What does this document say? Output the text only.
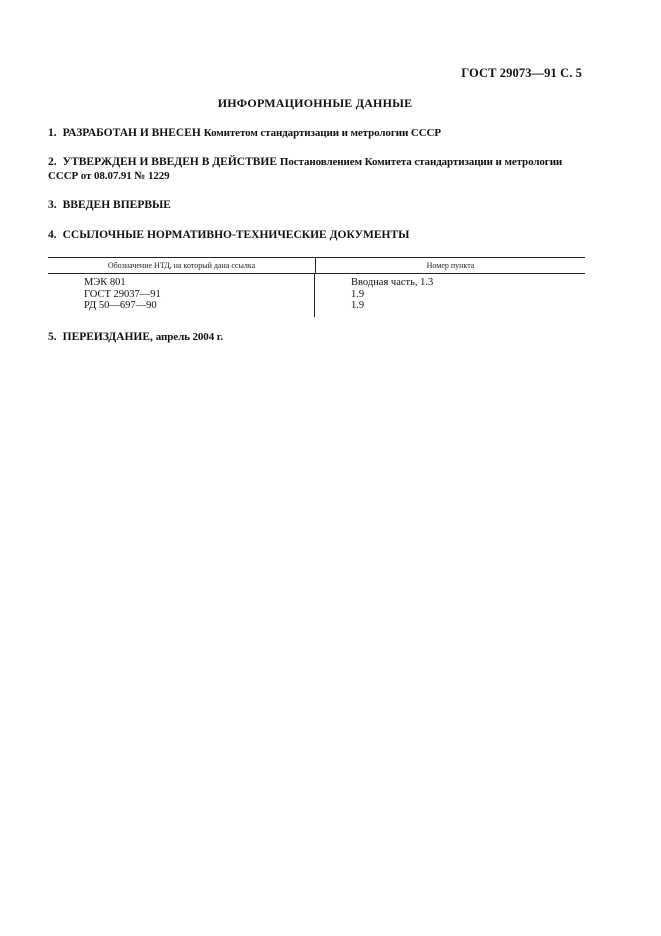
ГОСТ 29073—91 С. 5
ИНФОРМАЦИОННЫЕ ДАННЫЕ
1. РАЗРАБОТАН И ВНЕСЕН Комитетом стандартизации и метрологии СССР
2. УТВЕРЖДЕН И ВВЕДЕН В ДЕЙСТВИЕ Постановлением Комитета стандартизации и метрологии
СССР от 08.07.91 № 1229
3. ВВЕДЕН ВПЕРВЫЕ
4. ССЫЛОЧНЫЕ НОРМАТИВНО-ТЕХНИЧЕСКИЕ ДОКУМЕНТЫ
Обозначение НТД, на который дана ссылка	Номер пункта
МЭК 801
ГОСТ 29037—91
РД 50—697—90
Вводная часть, 1.3
1.9
1.9
5. ПЕРЕИЗДАНИЕ, апрель 2004 г.
